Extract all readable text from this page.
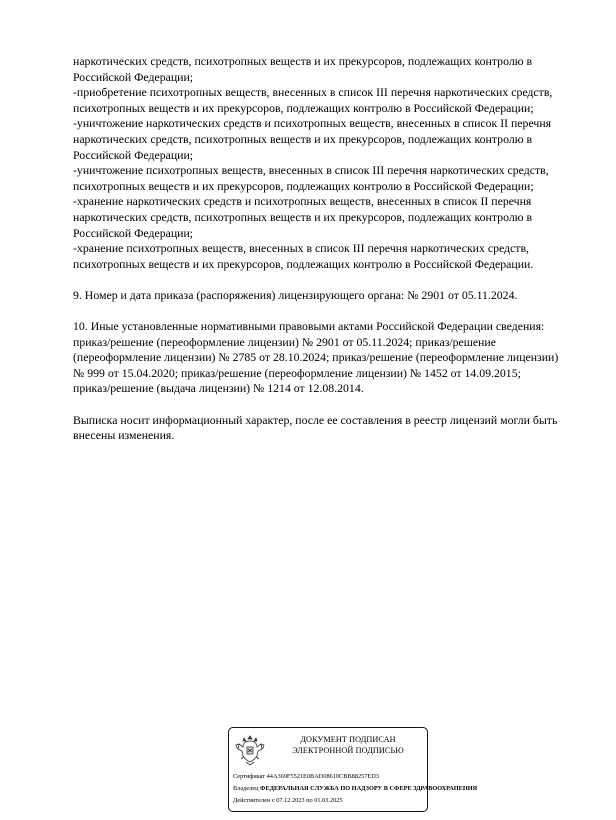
наркотических средств, психотропных веществ и их прекурсоров, подлежащих контролю в
Российской Федерации;
-приобретение психотропных веществ, внесенных в список III перечня наркотических средств,
психотропных веществ и их прекурсоров, подлежащих контролю в Российской Федерации;
-уничтожение наркотических средств и психотропных веществ, внесенных в список II перечня
наркотических средств, психотропных веществ и их прекурсоров, подлежащих контролю в
Российской Федерации;
-уничтожение психотропных веществ, внесенных в список III перечня наркотических средств,
психотропных веществ и их прекурсоров, подлежащих контролю в Российской Федерации;
-хранение наркотических средств и психотропных веществ, внесенных в список II перечня
наркотических средств, психотропных веществ и их прекурсоров, подлежащих контролю в
Российской Федерации;
-хранение психотропных веществ, внесенных в список III перечня наркотических средств,
психотропных веществ и их прекурсоров, подлежащих контролю в Российской Федерации.
9. Номер и дата приказа (распоряжения) лицензирующего органа: № 2901 от 05.11.2024.
10. Иные установленные нормативными правовыми актами Российской Федерации сведения:
приказ/решение (переоформление лицензии) № 2901 от 05.11.2024; приказ/решение
(переоформление лицензии) № 2785 от 28.10.2024; приказ/решение (переоформление лицензии)
№ 999 от 15.04.2020; приказ/решение (переоформление лицензии) № 1452 от 14.09.2015;
приказ/решение (выдача лицензии) № 1214 от 12.08.2014.
Выписка носит информационный характер, после ее составления в реестр лицензий могли быть
внесены изменения.
ДОКУМЕНТ ПОДПИСАН
ЭЛЕКТРОННОЙ ПОДПИСЬЮ
Сертификат 44A369F5521E0BAD08610CBB88257ED3
Владелец ФЕДЕРАЛЬНАЯ СЛУЖБА ПО НАДЗОРУ В СФЕРЕ ЗДРАВООХРАНЕНИЯ
Действителен с 07.12.2023 по 01.03.2025
